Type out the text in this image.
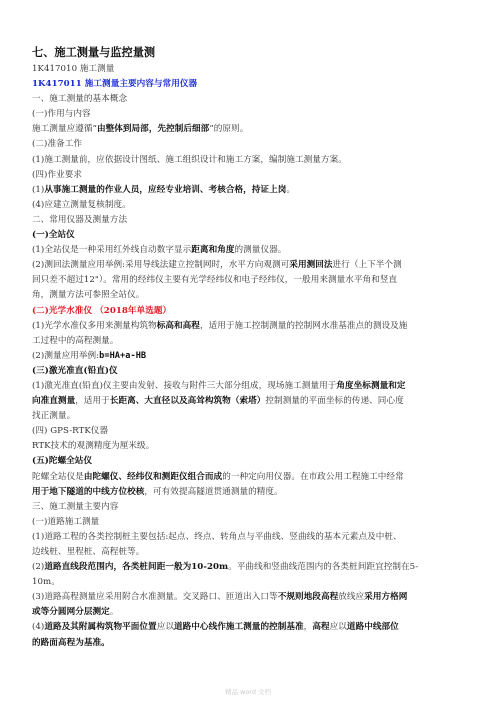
七、施工测量与监控量测
1K417010 施工测量
1K417011 施工测量主要内容与常用仪器
一、施工测量的基本概念
(一)作用与内容
施工测量应遵循“由整体到局部，先控制后细部”的原则。
(二)准备工作
(1)施工测量前，应依据设计图纸、施工组织设计和施工方案，编制施工测量方案。
(四)作业要求
(1)从事施工测量的作业人员，应经专业培训、考核合格，持证上岗。
(4)应建立测量复核制度。
二、常用仪器及测量方法
(一)全站仪
(1)全站仪是一种采用红外线自动数字显示距离和角度的测量仪器。
(2)测回法测量应用举例:采用导线法建立控制网时，水平方向观测可采用测回法进行（上下半个测
回只差不超过12"）。常用的经纬仪主要有光学经纬仪和电子经纬仪，一般用来测量水平角和竖直
角，测量方法可参照全站仪。
(二)光学水准仪 （2018年单选题）
(1)光学水准仪多用来测量构筑物标高和高程，适用于施工控制测量的控制网水准基准点的测设及施
工过程中的高程测量。
(2)测量应用举例:b=HA+a-HB
(三)激光准直(铅直)仪
(1)激光准直(铅直)仪主要由发射、接收与附件三大部分组成，现场施工测量用于角度坐标测量和定
向准直测量，适用于长距离、大直径以及高耸构筑物（索塔）控制测量的平面坐标的传递、同心度
找正测量。
(四) GPS-RTK仪器
RTK技术的观测精度为厘米级。
(五)陀螺全站仪
陀螺全站仪是由陀螺仪、经纬仪和测距仪组合而成的一种定向用仪器。在市政公用工程施工中经常
用于地下隧道的中线方位校核，可有效提高隧道贯通测量的精度。
三、施工测量主要内容
(一)道路施工测量
(1)道路工程的各类控制桩主要包括:起点、终点、转角点与平曲线、竖曲线的基本元素点及中桩、
边线桩、里程桩、高程桩等。
(2)道路直线段范围内，各类桩间距一般为10-20m。平曲线和竖曲线范围内的各类桩间距宜控制在5-
10m。
(3)道路高程测量应采用附合水准测量。交叉路口、匝道出入口等不规则地段高程放线应采用方格网
或等分圆网分层测定。
(4)道路及其附属构筑物平面位置应以道路中心线作施工测量的控制基准，高程应以道路中线部位
的路面高程为基准。
精品 word 文档
